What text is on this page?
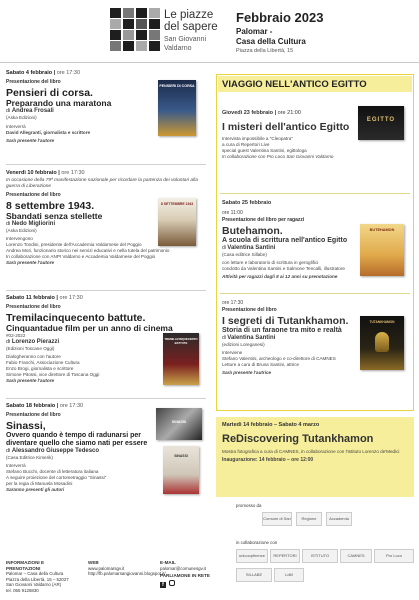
Le piazze
del sapere
San Giovanni
Valdarno
Febbraio 2023
Palomar -
Casa della Cultura
Piazza della Libertà, 15
Sabato 4 febbraio | ore 17:30
Presentazione del libro
Pensieri di corsa.
Preparando una maratona
di Andrea Frosali
(Aska Edizioni)
Interverrà
David Allegranti, giornalista e scrittore
Sarà presente l'autore
PENSIERI DI CORSA
Venerdì 10 febbraio | ore 17:30
In occasione della 79ª manifestazione nazionale per ricordare la partenza dei volontari alla guerra di Liberazione
Presentazione del libro
8 settembre 1943.
Sbandati senza stellette
di Nedo Migliorini
(Aska Edizioni)
Intervengono
Lorenzo Tondini, presidente dell'Accademia Valdarnese del Poggio
Andrea Mori, funzionario storico nei servizi educativi e nella tutela del patrimonio
In collaborazione con ANPI Valdarno e Accademia Valdarnese del Poggio
Sarà presente l'autore
8 SETTEMBRE 1943
Sabato 11 febbraio | ore 17:30
Presentazione del libro
Tremilacinquecento battute.
Cinquantadue film per un anno di cinema
#02-2022
di Lorenzo Pierazzi
(Edizioni Toscane Oggi)
Dialogheranno con l'autore
Fabio Franchi, Associazione Cultura
Enzo Brogi, giornalista e scrittore
Simone Pitossi, vice direttore di Toscana Oggi
Sarà presente l'autore
TREMILACINQUECENTO BATTUTE
Sabato 18 febbraio | ore 17:30
Presentazione del libro
Sinassi,
Ovvero quando è tempo di radunarsi per diventare quello che siamo nati per essere
di Alessandro Giuseppe Tedesco
(Casa Editrice Kimerik)
Interverrà
Stefano Bucchi, docente di letteratura italiana
A seguire proiezione del cortometraggio "Sinassi"
per la regia di Manuela Mosadini
Saranno presenti gli autori
SINASSI
SINASSI
VIAGGIO NELL'ANTICO EGITTO
Giovedì 23 febbraio | ore 21:00
I misteri dell'antico Egitto
Intervista impossibile a "Cleopatra"
a cura di Repertori Live
special guest Valentina Santini, egittologa
In collaborazione con Pro Loco San Giovanni Valdarno
EGITTO
Sabato 25 febbraio
ore 11:00
Presentazione del libro per ragazzi
Butehamon.
A scuola di scrittura nell'antico Egitto
di Valentina Santini
(Casa editrice Sillabe)
con letture e laboratorio di scrittura in geroglifici
condotto da Valentina Santini e Salmone Tencalli, illustratore
Attività per ragazzi dagli 8 ai 12 anni su prenotazione
BUTEHAMON
ore 17:30
Presentazione del libro
I segreti di Tutankhamon.
Storia di un faraone tra mito e realtà
di Valentina Santini
(edizioni Loreganesi)
Interviene
Stefano Valentini, archeologo e co-direttore di CAMNES
Letture a cura di Bruna Santini, attrice
Sarà presente l'autrice
TUTANKHAMON
Martedì 14 febbraio – Sabato 4 marzo
ReDiscovering Tutankhamon
Mostra fotografica a cura di CAMNES, in collaborazione con l'Istituto Lorenzo de'Medici
Inaugurazione: 14 febbraio – ore 12:00
INFORMAZIONI E PRENOTAZIONI
Palomar – Casa della Cultura
Piazza della Libertà, 15 – 52027
San Giovanni Valdarno (AR)
tel. 055 9126830
WEB
www.palomarsgv.it
http://fb.palomarsangiovanni.blogspot.it/
E-MAIL
palomar@comunesgv.it
PARLIAMONE IN RETE
f
promosso da
Comune di San	Regione	Accademia
in collaborazione con
unicoopfirenze	REPERTORI	ISTITUTO	CAMNES	Pro Loco
SILLABE	LdM
